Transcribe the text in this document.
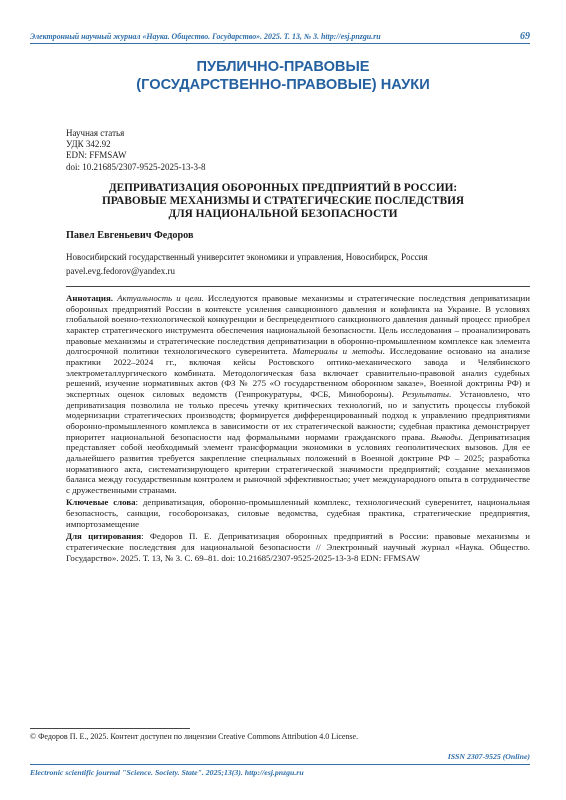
Электронный научный журнал «Наука. Общество. Государство». 2025. Т. 13, № 3. http://esj.pnzgu.ru	69
ПУБЛИЧНО-ПРАВОВЫЕ
(ГОСУДАРСТВЕННО-ПРАВОВЫЕ) НАУКИ
Научная статья
УДК 342.92
EDN: FFMSAW
doi: 10.21685/2307-9525-2025-13-3-8
ДЕПРИВАТИЗАЦИЯ ОБОРОННЫХ ПРЕДПРИЯТИЙ В РОССИИ:
ПРАВОВЫЕ МЕХАНИЗМЫ И СТРАТЕГИЧЕСКИЕ ПОСЛЕДСТВИЯ
ДЛЯ НАЦИОНАЛЬНОЙ БЕЗОПАСНОСТИ
Павел Евгеньевич Федоров
Новосибирский государственный университет экономики и управления, Новосибирск, Россия
pavel.evg.fedorov@yandex.ru

Аннотация. Актуальность и цели. Исследуются правовые механизмы и стратегические последствия деприватизации оборонных предприятий России в контексте усиления санкционного давления и конфликта на Украине. В условиях глобальной военно-технологической конкуренции и беспрецедентного санкционного давления данный процесс приобрел характер стратегического инструмента обеспечения национальной безопасности. Цель исследования – проанализировать правовые механизмы и стратегические последствия деприватизации в оборонно-промышленном комплексе как элемента долгосрочной политики технологического суверенитета. Материалы и методы. Исследование основано на анализе практики 2022–2024 гг., включая кейсы Ростовского оптико-механического завода и Челябинского электрометаллургического комбината. Методологическая база включает сравнительно-правовой анализ судебных решений, изучение нормативных актов (ФЗ № 275 «О государственном оборонном заказе», Военной доктрины РФ) и экспертных оценок силовых ведомств (Генпрокуратуры, ФСБ, Минобороны). Результаты. Установлено, что деприватизация позволила не только пресечь утечку критических технологий, но и запустить процессы глубокой модернизации стратегических производств; формируется дифференцированный подход к управлению предприятиями оборонно-промышленного комплекса в зависимости от их стратегической важности; судебная практика демонстрирует приоритет национальной безопасности над формальными нормами гражданского права. Выводы. Деприватизация представляет собой необходимый элемент трансформации экономики в условиях геополитических вызовов. Для ее дальнейшего развития требуется закрепление специальных положений в Военной доктрине РФ – 2025; разработка нормативного акта, систематизирующего критерии стратегической значимости предприятий; создание механизмов баланса между государственным контролем и рыночной эффективностью; учет международного опыта в сотрудничестве с дружественными странами.

Ключевые слова: деприватизация, оборонно-промышленный комплекс, технологический суверенитет, национальная безопасность, санкции, гособоронзаказ, силовые ведомства, судебная практика, стратегические предприятия, импортозамещение

Для цитирования: Федоров П. Е. Деприватизация оборонных предприятий в России: правовые механизмы и стратегические последствия для национальной безопасности // Электронный научный журнал «Наука. Общество. Государство». 2025. Т. 13, № 3. С. 69–81. doi: 10.21685/2307-9525-2025-13-3-8 EDN: FFMSAW

© Федоров П. Е., 2025. Контент доступен по лицензии Creative Commons Attribution 4.0 License.
ISSN 2307-9525 (Online)
Electronic scientific journal "Science. Society. State". 2025;13(3). http://esj.pnzgu.ru
